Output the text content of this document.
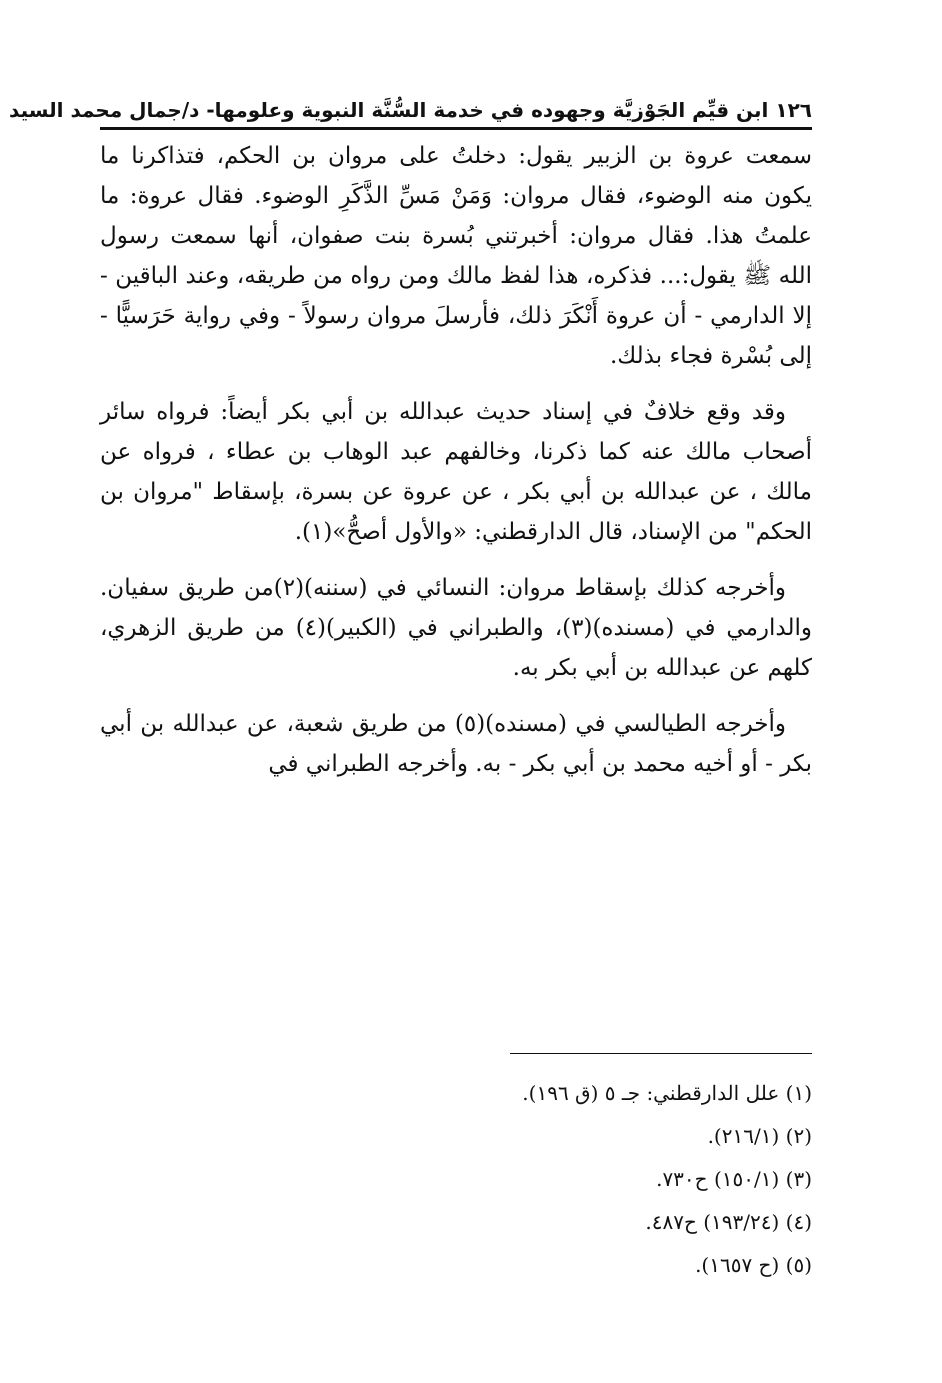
١٢٦ ابن قيِّم الجَوْزيَّة وجهوده في خدمة السُّنَّة النبوية وعلومها- د/جمال محمد السيد

سمعت عروة بن الزبير يقول: دخلتُ على مروان بن الحكم، فتذاكرنا ما يكون منه الوضوء، فقال مروان: وَمَنْ مَسِّ الذَّكَرِ الوضوء. فقال عروة: ما علمتُ هذا. فقال مروان: أخبرتني بُسرة بنت صفوان، أنها سمعت رسول الله ﷺ يقول:... فذكره، هذا لفظ مالك ومن رواه من طريقه، وعند الباقين - إلا الدارمي - أن عروة أَنْكَرَ ذلك، فأرسلَ مروان رسولاً - وفي رواية حَرَسيًّا - إلى بُسْرة فجاء بذلك.

وقد وقع خلافٌ في إسناد حديث عبدالله بن أبي بكر أيضاً: فرواه سائر أصحاب مالك عنه كما ذكرنا، وخالفهم عبد الوهاب بن عطاء ، فرواه عن مالك ، عن عبدالله بن أبي بكر ، عن عروة عن بسرة، بإسقاط "مروان بن الحكم" من الإسناد، قال الدارقطني: «والأول أصحُّ»(١).

وأخرجه كذلك بإسقاط مروان: النسائي في (سننه)(٢)من طريق سفيان. والدارمي في (مسنده)(٣)، والطبراني في (الكبير)(٤) من طريق الزهري، كلهم عن عبدالله بن أبي بكر به.

وأخرجه الطيالسي في (مسنده)(٥) من طريق شعبة، عن عبدالله بن أبي بكر - أو أخيه محمد بن أبي بكر - به. وأخرجه الطبراني في

(١) علل الدارقطني: جـ ٥ (ق ١٩٦).
(٢) (٢١٦/١).
(٣) (١٥٠/١) ح٧٣٠.
(٤) (١٩٣/٢٤) ح٤٨٧.
(٥) (ح ١٦٥٧).
